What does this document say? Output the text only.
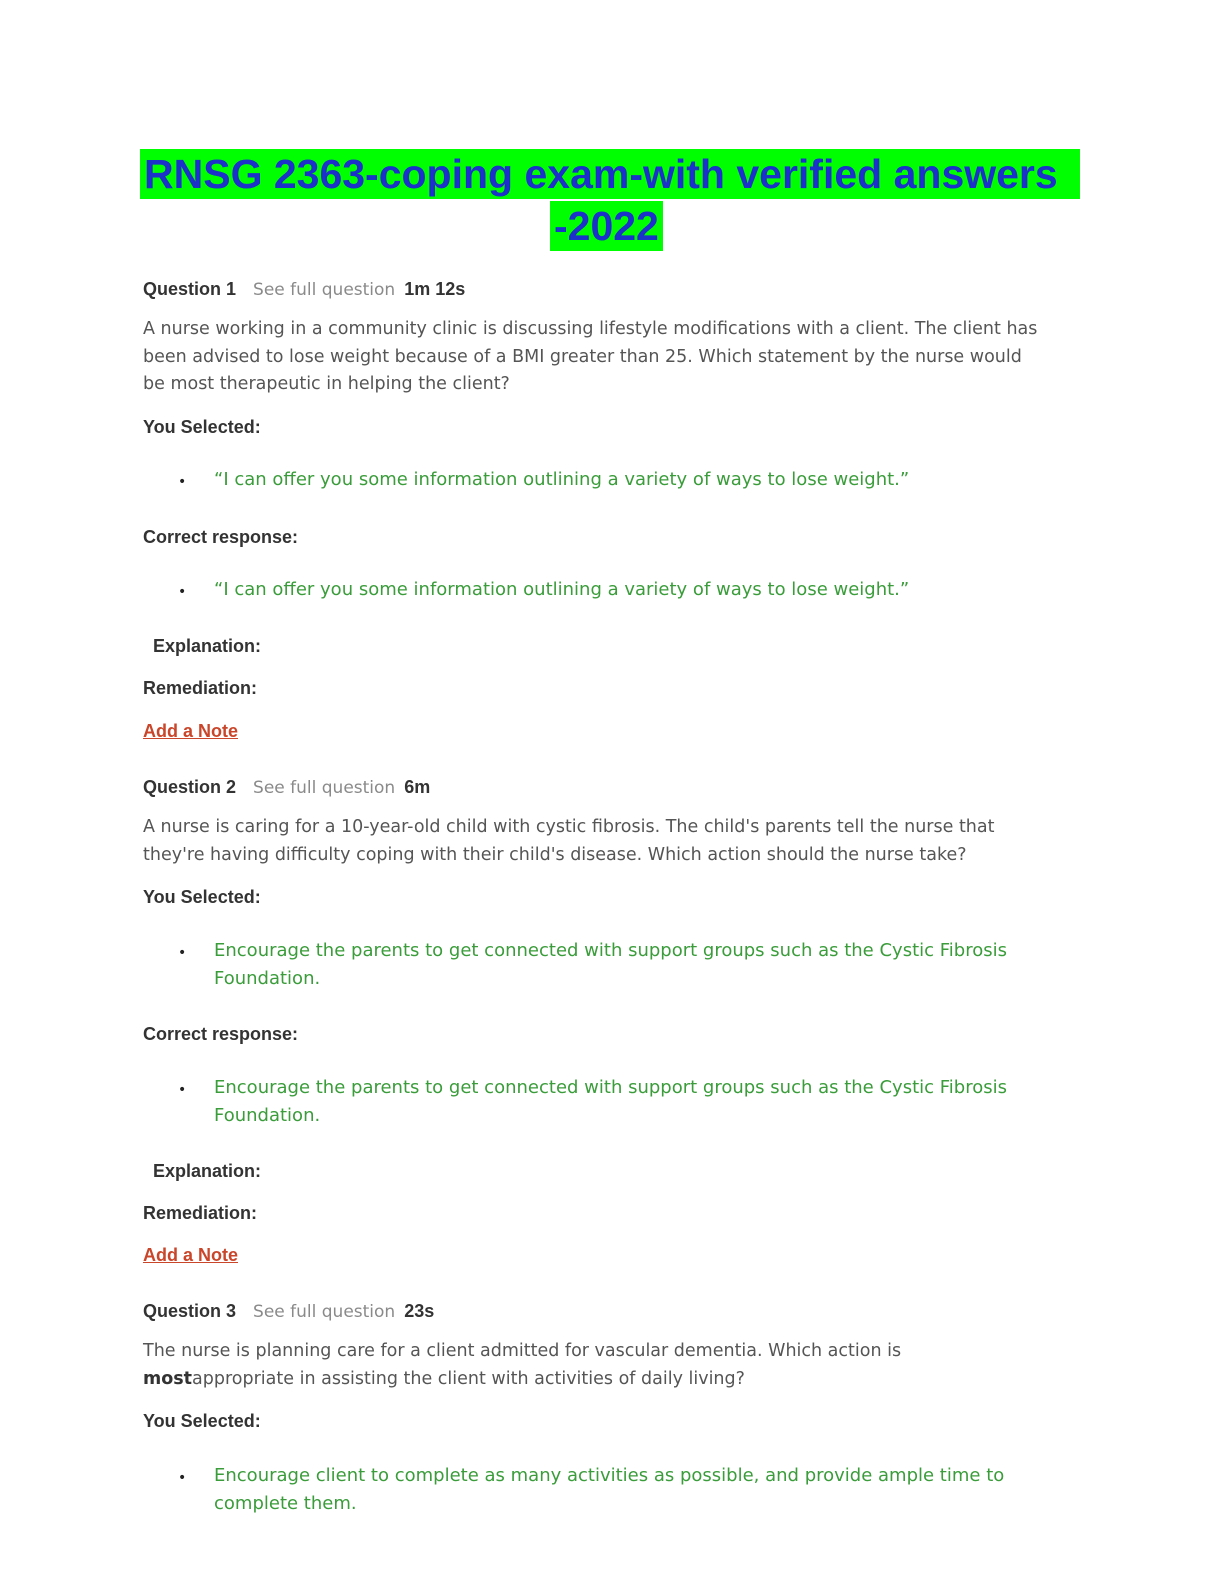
RNSG 2363-coping exam-with verified answers
-2022
Question 1 See full question 1m 12s
A nurse working in a community clinic is discussing lifestyle modifications with a client. The client has been advised to lose weight because of a BMI greater than 25. Which statement by the nurse would be most therapeutic in helping the client?
You Selected:
• “I can offer you some information outlining a variety of ways to lose weight.”
Correct response:
• “I can offer you some information outlining a variety of ways to lose weight.”
Explanation:
Remediation:
Add a Note
Question 2 See full question 6m
A nurse is caring for a 10-year-old child with cystic fibrosis. The child's parents tell the nurse that they're having difficulty coping with their child's disease. Which action should the nurse take?
You Selected:
• Encourage the parents to get connected with support groups such as the Cystic Fibrosis Foundation.
Correct response:
• Encourage the parents to get connected with support groups such as the Cystic Fibrosis Foundation.
Explanation:
Remediation:
Add a Note
Question 3 See full question 23s
The nurse is planning care for a client admitted for vascular dementia. Which action is mostappropriate in assisting the client with activities of daily living?
You Selected:
• Encourage client to complete as many activities as possible, and provide ample time to complete them.
